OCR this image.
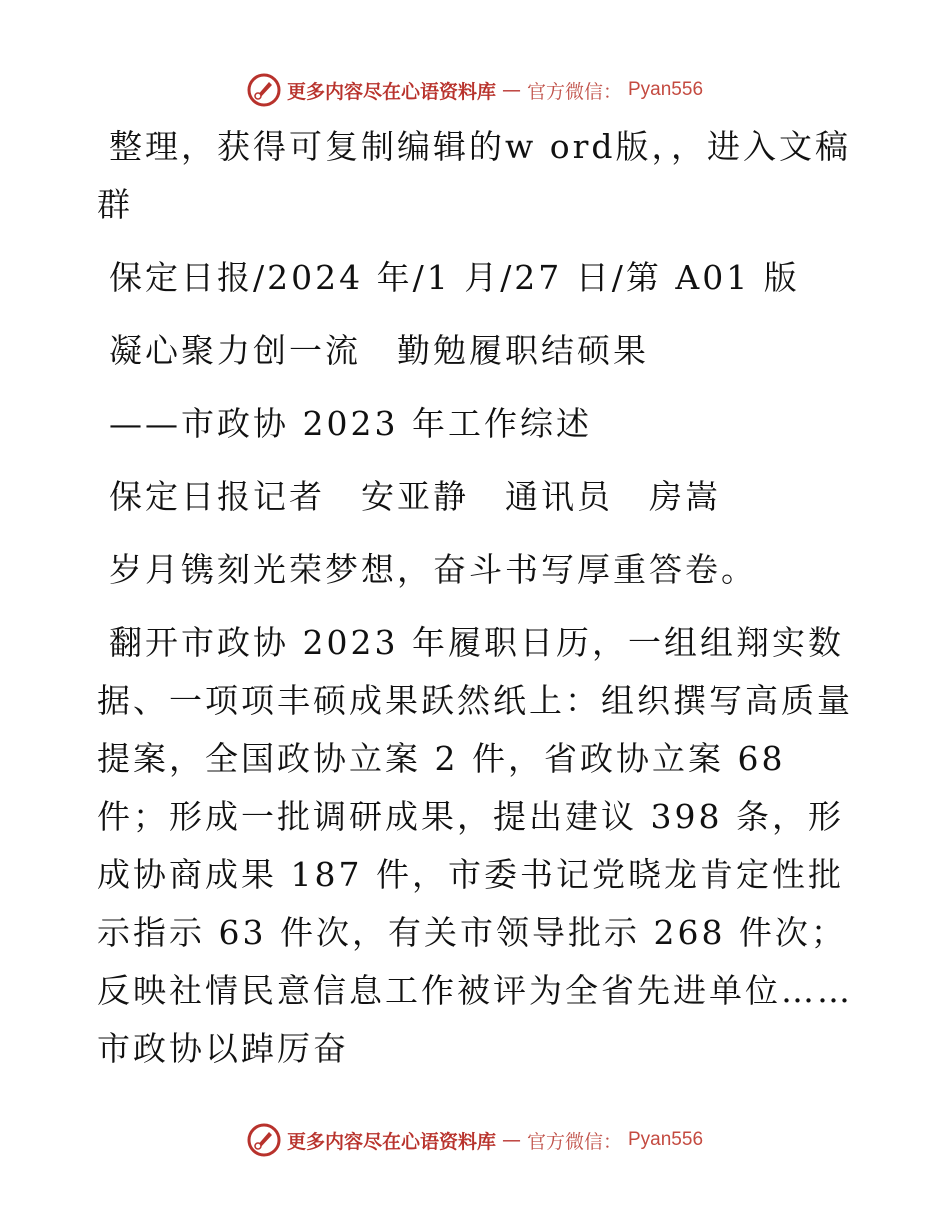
更多内容尽在心语资料库 — 官方微信： Pyan556

整理，获得可复制编辑的w ord版，，进入文稿群

保定日报/2024 年/1 月/27 日/第 A01 版

凝心聚力创一流　勤勉履职结硕果

——市政协 2023 年工作综述

保定日报记者　安亚静　通讯员　房嵩

岁月镌刻光荣梦想，奋斗书写厚重答卷。

翻开市政协 2023 年履职日历，一组组翔实数据、一项项丰硕成果跃然纸上：组织撰写高质量提案，全国政协立案 2 件，省政协立案 68 件；形成一批调研成果，提出建议 398 条，形成协商成果 187 件，市委书记党晓龙肯定性批示指示 63 件次，有关市领导批示 268 件次；反映社情民意信息工作被评为全省先进单位……市政协以踔厉奋

更多内容尽在心语资料库 — 官方微信： Pyan556
